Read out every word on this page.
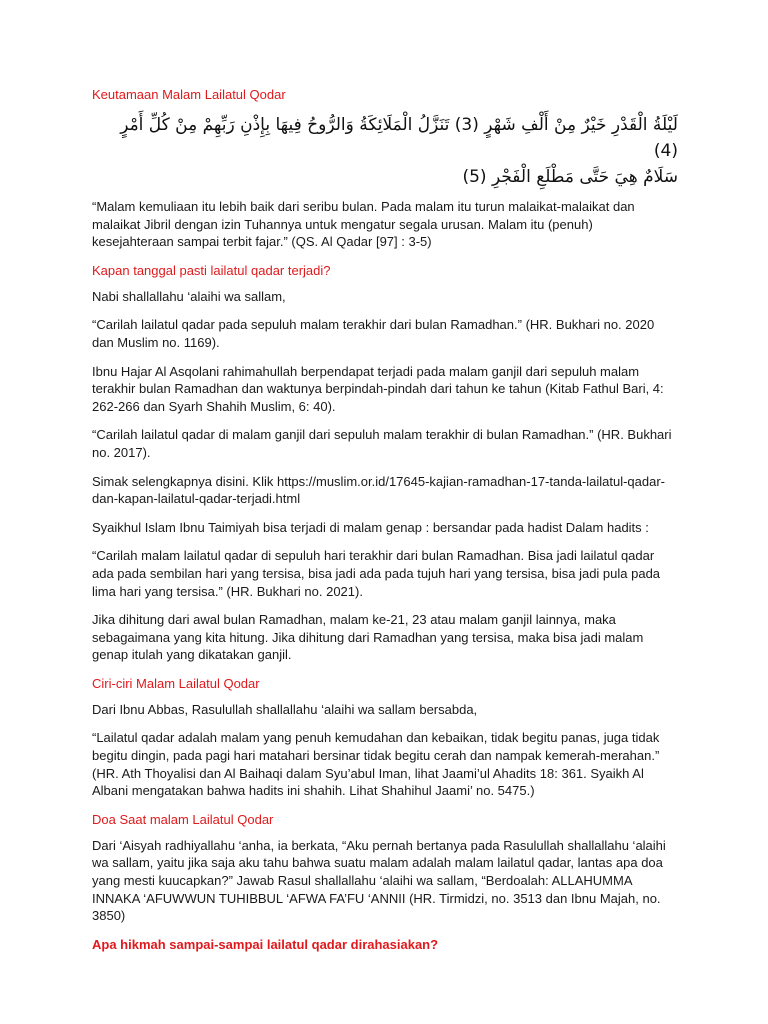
Keutamaan Malam Lailatul Qodar
لَيْلَةُ الْقَدْرِ خَيْرٌ مِنْ أَلْفِ شَهْرٍ (3) تَنَزَّلُ الْمَلَائِكَةُ وَالرُّوحُ فِيهَا بِإِذْنِ رَبِّهِمْ مِنْ كُلِّ أَمْرٍ (4)
سَلَامٌ هِيَ حَتَّى مَطْلَعِ الْفَجْرِ (5)

“Malam kemuliaan itu lebih baik dari seribu bulan. Pada malam itu turun malaikat-malaikat dan malaikat Jibril dengan izin Tuhannya untuk mengatur segala urusan. Malam itu (penuh) kesejahteraan sampai terbit fajar.” (QS. Al Qadar [97] : 3-5)

Kapan tanggal pasti lailatul qadar terjadi?

Nabi shallallahu ‘alaihi wa sallam,

“Carilah lailatul qadar pada sepuluh malam terakhir dari bulan Ramadhan.” (HR. Bukhari no. 2020 dan Muslim no. 1169).

Ibnu Hajar Al Asqolani rahimahullah berpendapat terjadi pada malam ganjil dari sepuluh malam terakhir bulan Ramadhan dan waktunya berpindah-pindah dari tahun ke tahun (Kitab Fathul Bari, 4: 262-266 dan Syarh Shahih Muslim, 6: 40).

“Carilah lailatul qadar di malam ganjil dari sepuluh malam terakhir di bulan Ramadhan.” (HR. Bukhari no. 2017).

Simak selengkapnya disini. Klik https://muslim.or.id/17645-kajian-ramadhan-17-tanda-lailatul-qadar-dan-kapan-lailatul-qadar-terjadi.html

Syaikhul Islam Ibnu Taimiyah bisa terjadi di malam genap : bersandar pada hadist Dalam hadits :

“Carilah malam lailatul qadar di sepuluh hari terakhir dari bulan Ramadhan. Bisa jadi lailatul qadar ada pada sembilan hari yang tersisa, bisa jadi ada pada tujuh hari yang tersisa, bisa jadi pula pada lima hari yang tersisa.” (HR. Bukhari no. 2021).

Jika dihitung dari awal bulan Ramadhan, malam ke-21, 23 atau malam ganjil lainnya, maka sebagaimana yang kita hitung. Jika dihitung dari Ramadhan yang tersisa, maka bisa jadi malam genap itulah yang dikatakan ganjil.

Ciri-ciri Malam Lailatul Qodar

Dari Ibnu Abbas, Rasulullah shallallahu ‘alaihi wa sallam bersabda,

“Lailatul qadar adalah malam yang penuh kemudahan dan kebaikan, tidak begitu panas, juga tidak begitu dingin, pada pagi hari matahari bersinar tidak begitu cerah dan nampak kemerah-merahan.” (HR. Ath Thoyalisi dan Al Baihaqi dalam Syu’abul Iman, lihat Jaami’ul Ahadits 18: 361. Syaikh Al Albani mengatakan bahwa hadits ini shahih. Lihat Shahihul Jaami’ no. 5475.)

Doa Saat malam Lailatul Qodar

Dari ‘Aisyah radhiyallahu ‘anha, ia berkata, “Aku pernah bertanya pada Rasulullah shallallahu ‘alaihi wa sallam, yaitu jika saja aku tahu bahwa suatu malam adalah malam lailatul qadar, lantas apa doa yang mesti kuucapkan?” Jawab Rasul shallallahu ‘alaihi wa sallam, “Berdoalah: ALLAHUMMA INNAKA ‘AFUWWUN TUHIBBUL ‘AFWA FA’FU ‘ANNII (HR. Tirmidzi, no. 3513 dan Ibnu Majah, no. 3850)

Apa hikmah sampai-sampai lailatul qadar dirahasiakan?
